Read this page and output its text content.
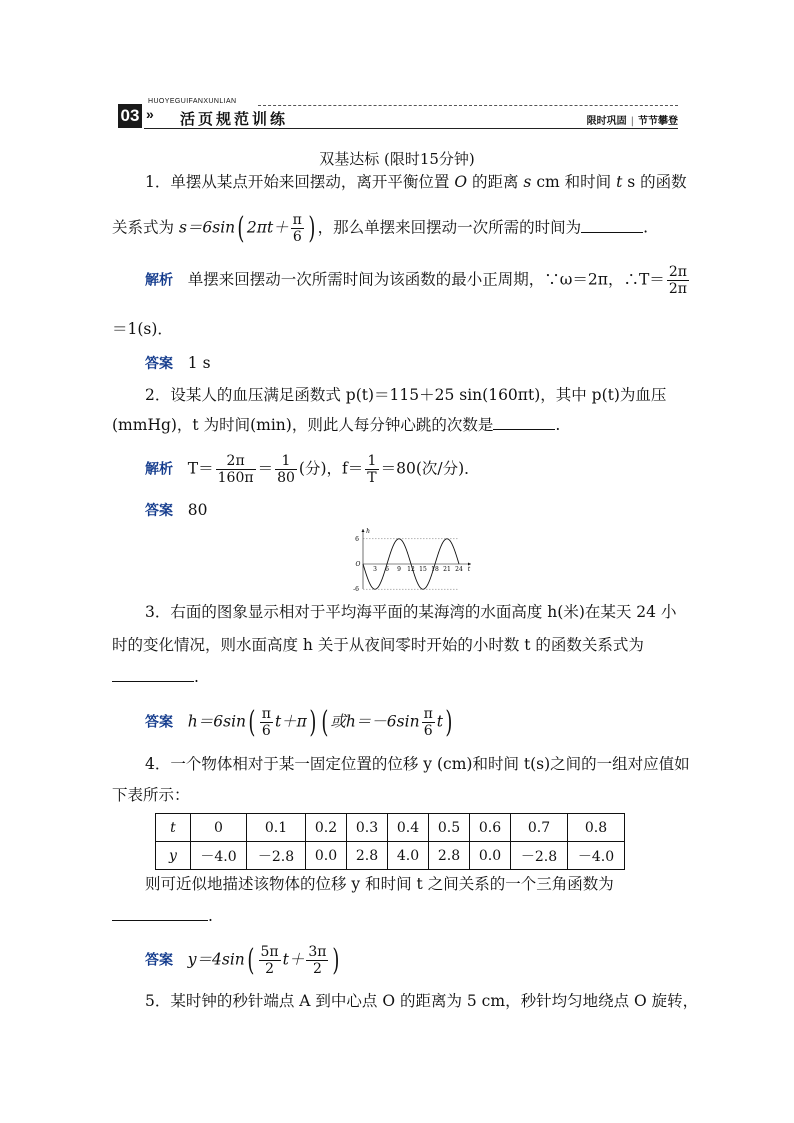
03
HUOYEGUIFANXUNLIAN
» 活页规范训练	限时巩固 | 节节攀登
双基达标 (限时15分钟)
1．单摆从某点开始来回摆动，离开平衡位置 O 的距离 s cm 和时间 t s 的函数
关系式为 s＝6sin( $2\pi t+ \frac{\pi}{6}$ ) ，那么单摆来回摆动一次所需的时间为	.
解析 单摆来回摆动一次所需时间为该函数的最小正周期，∵ω＝2π，∴T＝ $\frac{2\pi}{2\pi}$
＝1(s)．
答案 1 s
2．设某人的血压满足函数式 p(t)＝115＋25 sin(160πt)，其中 p(t)为血压
(mmHg)，t 为时间(min)，则此人每分钟心跳的次数是	.
解析 $T= \frac{2\pi}{160\pi} = \frac{1}{80}$ (分)，$f= \frac{1}{T} =80$(次/分)．
答案 80
6
-6
h
O
t
3 6 9 12 15 18 21 24
3．右面的图象显示相对于平均海平面的某海湾的水面高度 h(米)在某天 24 小
时的变化情况，则水面高度 h 关于从夜间零时开始的小时数 t 的函数关系式为
.
答案 $h=6\sin( \frac{\pi}{6} t+\pi)$ ( 或$h=-6\sin \frac{\pi}{6} t$)
4．一个物体相对于某一固定位置的位移 y (cm)和时间 t(s)之间的一组对应值如
下表所示：
t	0	0.1	0.2	0.3	0.4	0.5	0.6	0.7	0.8
y	－4.0	－2.8	0.0	2.8	4.0	2.8	0.0	－2.8	－4.0
则可近似地描述该物体的位移 y 和时间 t 之间关系的一个三角函数为
.
答案 $y=4\sin( \frac{5\pi}{2} t+ \frac{3\pi}{2}$ )
5．某时钟的秒针端点 A 到中心点 O 的距离为 5 cm，秒针均匀地绕点 O 旋转，
